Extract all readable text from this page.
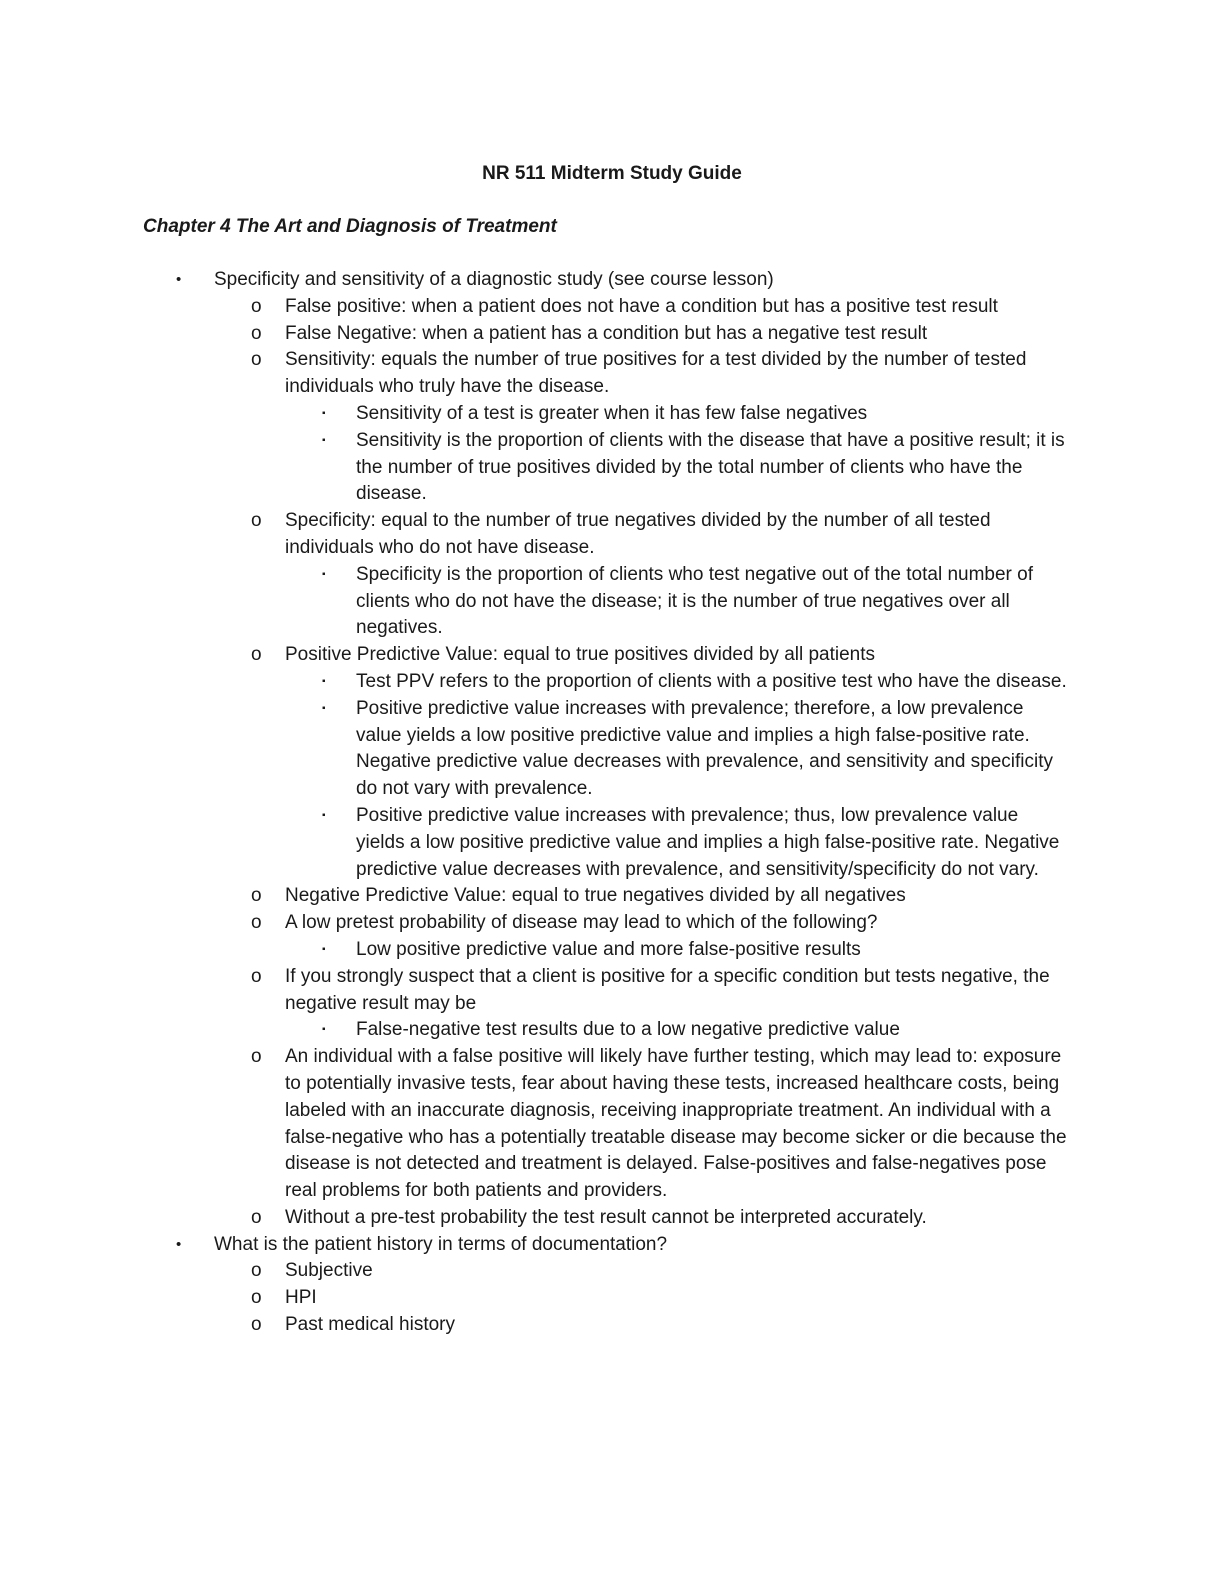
NR 511 Midterm Study Guide
Chapter 4 The Art and Diagnosis of Treatment
• Specificity and sensitivity of a diagnostic study (see course lesson)
o False positive: when a patient does not have a condition but has a positive test result
o False Negative: when a patient has a condition but has a negative test result
o Sensitivity: equals the number of true positives for a test divided by the number of tested individuals who truly have the disease.
▪ Sensitivity of a test is greater when it has few false negatives
▪ Sensitivity is the proportion of clients with the disease that have a positive result; it is the number of true positives divided by the total number of clients who have the disease.
o Specificity: equal to the number of true negatives divided by the number of all tested individuals who do not have disease.
▪ Specificity is the proportion of clients who test negative out of the total number of clients who do not have the disease; it is the number of true negatives over all negatives.
o Positive Predictive Value: equal to true positives divided by all patients
▪ Test PPV refers to the proportion of clients with a positive test who have the disease.
▪ Positive predictive value increases with prevalence; therefore, a low prevalence value yields a low positive predictive value and implies a high false-positive rate. Negative predictive value decreases with prevalence, and sensitivity and specificity do not vary with prevalence.
▪ Positive predictive value increases with prevalence; thus, low prevalence value yields a low positive predictive value and implies a high false-positive rate. Negative predictive value decreases with prevalence, and sensitivity/specificity do not vary.
o Negative Predictive Value: equal to true negatives divided by all negatives
o A low pretest probability of disease may lead to which of the following?
▪ Low positive predictive value and more false-positive results
o If you strongly suspect that a client is positive for a specific condition but tests negative, the negative result may be
▪ False-negative test results due to a low negative predictive value
o An individual with a false positive will likely have further testing, which may lead to: exposure to potentially invasive tests, fear about having these tests, increased healthcare costs, being labeled with an inaccurate diagnosis, receiving inappropriate treatment. An individual with a false-negative who has a potentially treatable disease may become sicker or die because the disease is not detected and treatment is delayed. False-positives and false-negatives pose real problems for both patients and providers.
o Without a pre-test probability the test result cannot be interpreted accurately.
• What is the patient history in terms of documentation?
o Subjective
o HPI
o Past medical history
